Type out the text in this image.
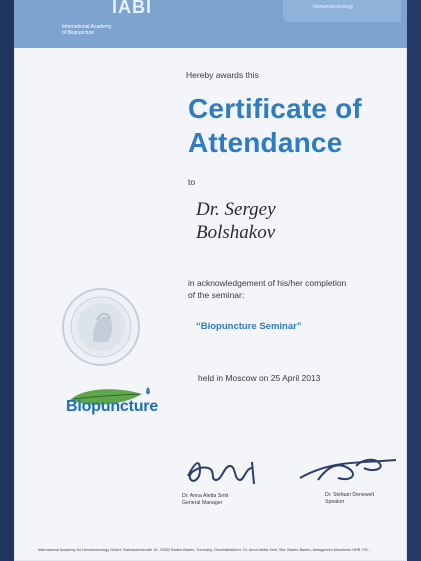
IABI
International Academy
of Biopuncture
Immunotoxicology
Hereby awards this
Certificate of
Attendance
to
Dr. Sergey
Bolshakov
in acknowledgement of his/her completion
of the seminar:
“Biopuncture Seminar”
held in Moscow on 25 April 2013
Biopuncture
Dr. Anna Aletta Smit
General Manager
Dr. Stefaan Denewelt
Speaker
International Academy for Homotoxicology GmbH, Bahnackerstraße 16, 76532 Baden-Baden, Germany, Geschäftsführer: Dr. Anna Aletta Smit, Sitz: Baden-Baden, Amtsgericht Mannheim HRB 702...
